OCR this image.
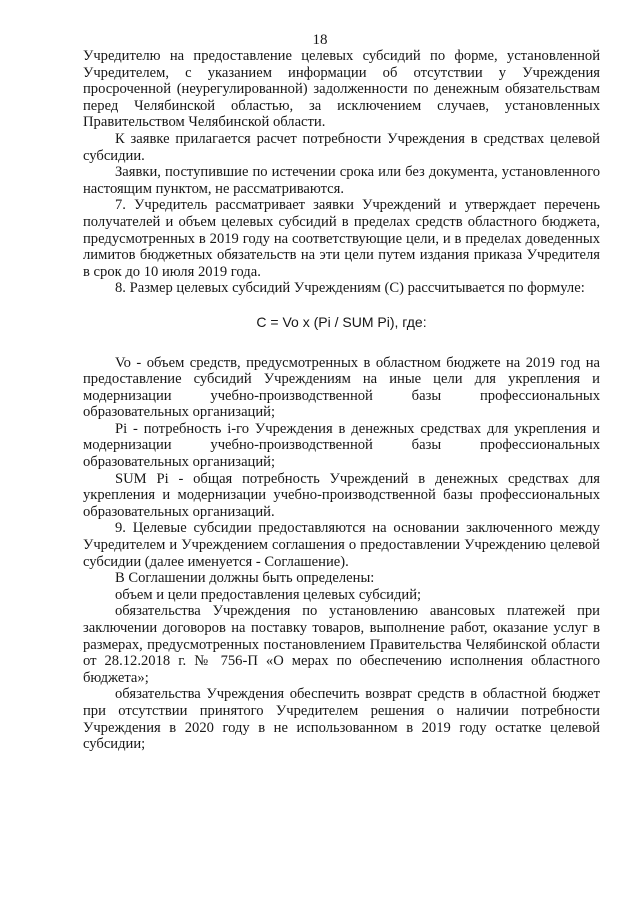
18

Учредителю на предоставление целевых субсидий по форме, установленной Учредителем, с указанием информации об отсутствии у Учреждения просроченной (неурегулированной) задолженности по денежным обязательствам перед Челябинской областью, за исключением случаев, установленных Правительством Челябинской области.

К заявке прилагается расчет потребности Учреждения в средствах целевой субсидии.

Заявки, поступившие по истечении срока или без документа, установленного настоящим пунктом, не рассматриваются.

7. Учредитель рассматривает заявки Учреждений и утверждает перечень получателей и объем целевых субсидий в пределах средств областного бюджета, предусмотренных в 2019 году на соответствующие цели, и в пределах доведенных лимитов бюджетных обязательств на эти цели путем издания приказа Учредителя в срок до 10 июля 2019 года.

8. Размер целевых субсидий Учреждениям (С) рассчитывается по формуле:

С = Vo x (Pi / SUM Pi), где:

Vo - объем средств, предусмотренных в областном бюджете на 2019 год на предоставление субсидий Учреждениям на иные цели для укрепления и модернизации учебно-производственной базы профессиональных образовательных организаций;

Pi - потребность i-го Учреждения в денежных средствах для укрепления и модернизации учебно-производственной базы профессиональных образовательных организаций;

SUM Pi - общая потребность Учреждений в денежных средствах для укрепления и модернизации учебно-производственной базы профессиональных образовательных организаций.

9. Целевые субсидии предоставляются на основании заключенного между Учредителем и Учреждением соглашения о предоставлении Учреждению целевой субсидии (далее именуется - Соглашение).

В Соглашении должны быть определены:

объем и цели предоставления целевых субсидий;

обязательства Учреждения по установлению авансовых платежей при заключении договоров на поставку товаров, выполнение работ, оказание услуг в размерах, предусмотренных постановлением Правительства Челябинской области от 28.12.2018 г. № 756-П «О мерах по обеспечению исполнения областного бюджета»;

обязательства Учреждения обеспечить возврат средств в областной бюджет при отсутствии принятого Учредителем решения о наличии потребности Учреждения в 2020 году в не использованном в 2019 году остатке целевой субсидии;
